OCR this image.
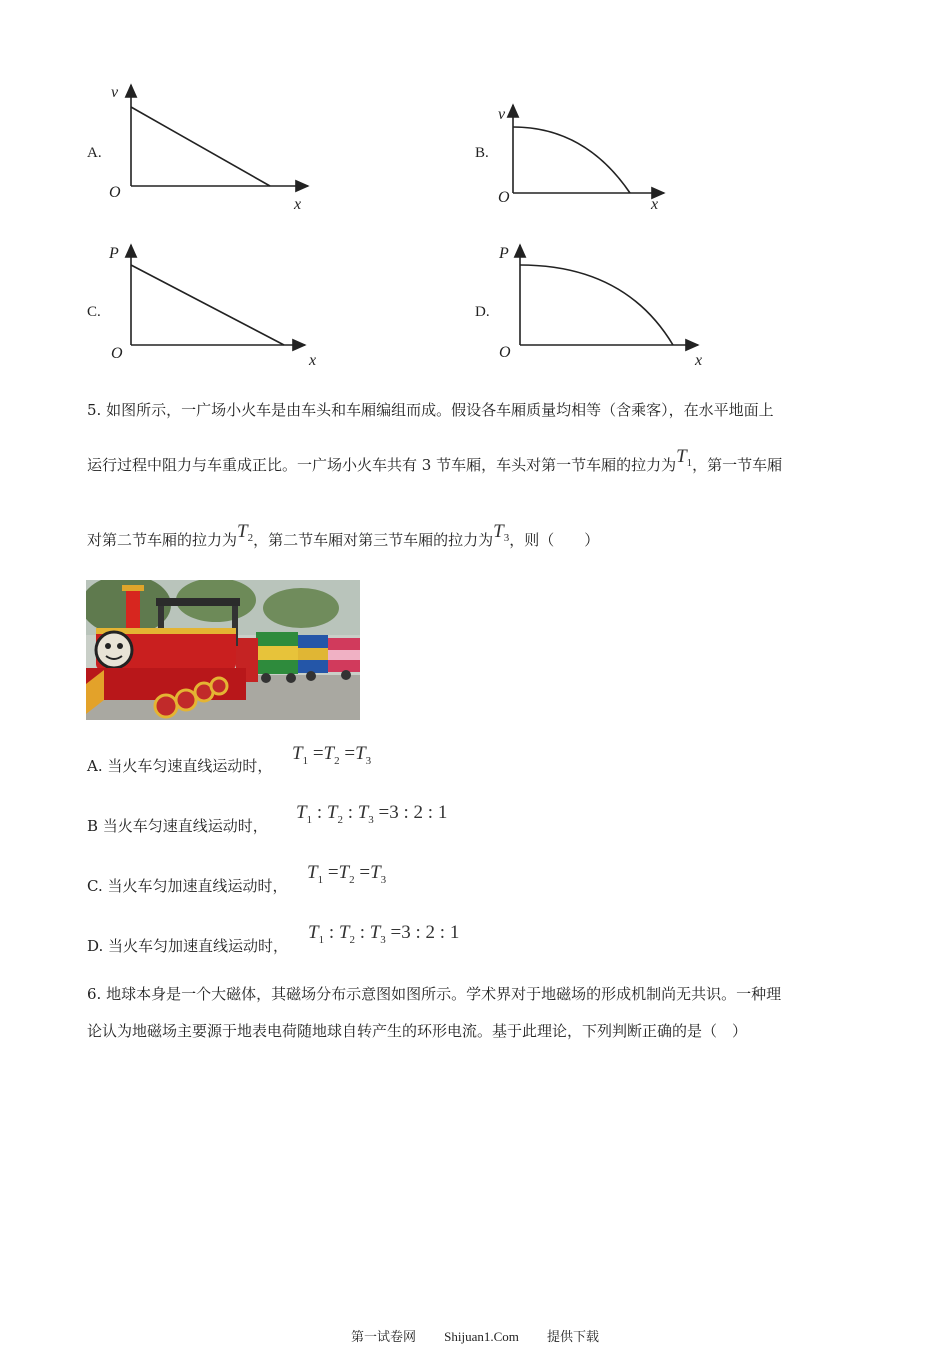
A.
v
O
x
B.
v
O	x
C.
P
O	x
D.
P
O	x
5. 如图所示，一广场小火车是由车头和车厢编组而成。假设各车厢质量均相等（含乘客），在水平地面上
运行过程中阻力与车重成正比。一广场小火车共有 3 节车厢，车头对第一节车厢的拉力为$T_1$，第一节车厢
对第二节车厢的拉力为$T_2$，第二节车厢对第三节车厢的拉力为$T_3$，则（　　）
A. 当火车匀速直线运动时，
$T_1 =T_2 =T_3$
B 当火车匀速直线运动时，
$T_1$ : $T_2$ : $T_3 =3$ : 2 : 1
C. 当火车匀加速直线运动时，
$T_1 =T_2 =T_3$
D. 当火车匀加速直线运动时，
$T_1$ : $T_2$ : $T_3 =3$ : 2 : 1
6. 地球本身是一个大磁体，其磁场分布示意图如图所示。学术界对于地磁场的形成机制尚无共识。一种理
论认为地磁场主要源于地表电荷随地球自转产生的环形电流。基于此理论，下列判断正确的是（　）
第一试卷网 Shijuan1.Com 提供下载
